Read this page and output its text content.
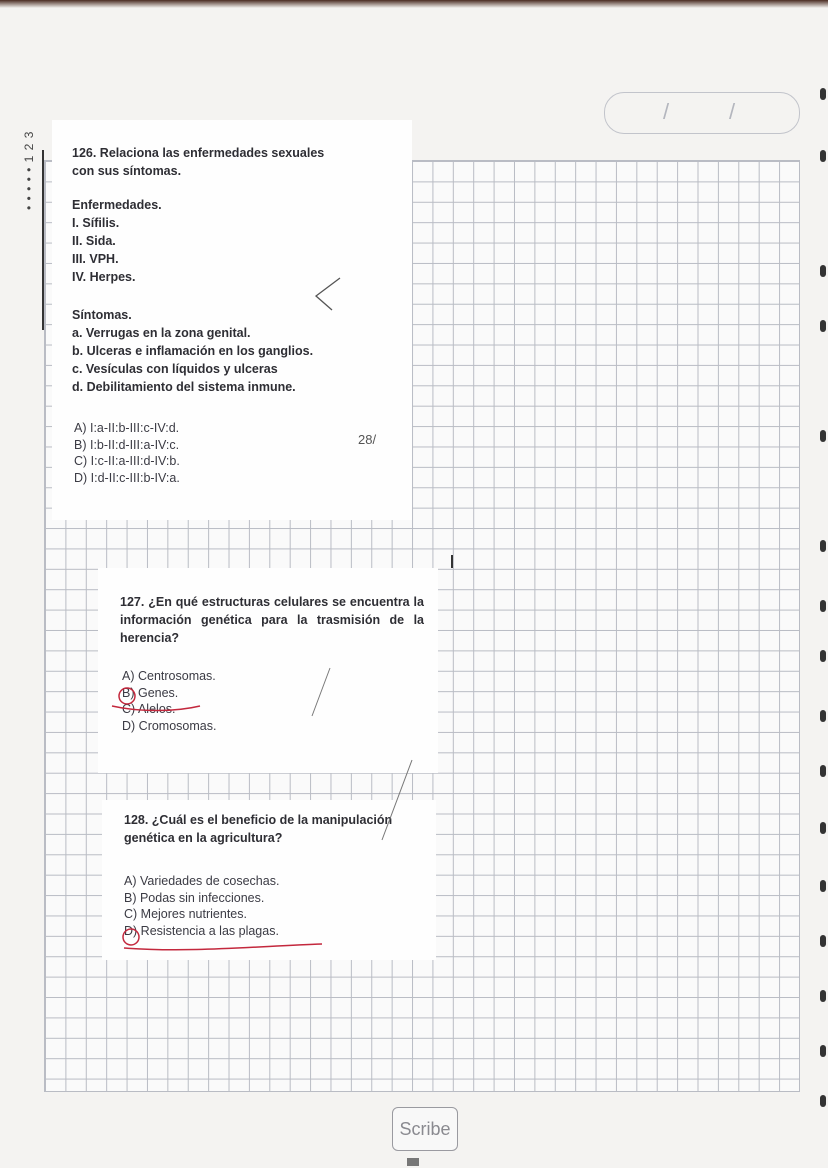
/	/
• • • • • 1 2 3	126. Relaciona las enfermedades sexuales
con sus síntomas.
Enfermedades.
I. Sífilis.
II. Sida.
III. VPH.
IV. Herpes.
Síntomas.
a. Verrugas en la zona genital.
b. Ulceras e inflamación en los ganglios.
c. Vesículas con líquidos y ulceras
d. Debilitamiento del sistema inmune.
A) I:a-II:b-III:c-IV:d.
B) I:b-II:d-III:a-IV:c.
C) I:c-II:a-III:d-IV:b.
D) I:d-II:c-III:b-IV:a.
28/
127. ¿En qué estructuras celulares se encuentra la información genética para la trasmisión de la herencia?
A) Centrosomas.
B) Genes.
C) Alelos.
D) Cromosomas.
128. ¿Cuál es el beneficio de la manipulación
genética en la agricultura?
A) Variedades de cosechas.
B) Podas sin infecciones.
C) Mejores nutrientes.
D) Resistencia a las plagas.
Scribe
